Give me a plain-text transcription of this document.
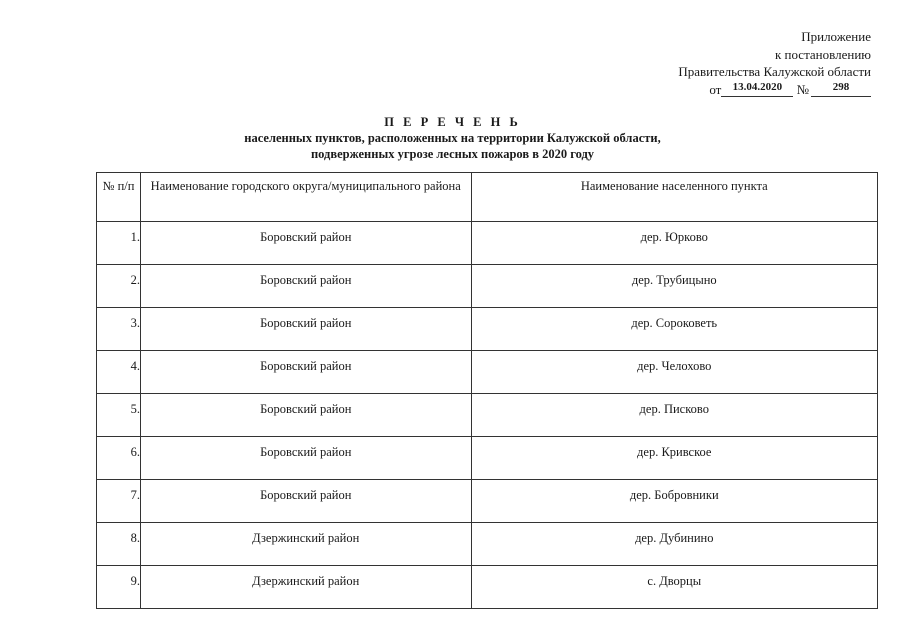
Приложение
к постановлению
Правительства Калужской области
от 13.04.2020 № 298
П Е Р Е Ч Е Н Ь
населенных пунктов, расположенных на территории Калужской области,
подверженных угрозе лесных пожаров в 2020 году
№ п/п	Наименование городского округа/муниципального района	Наименование населенного пункта
1.	Боровский район	дер. Юрково
2.	Боровский район	дер. Трубицыно
3.	Боровский район	дер. Сороковеть
4.	Боровский район	дер. Челохово
5.	Боровский район	дер. Писково
6.	Боровский район	дер. Кривское
7.	Боровский район	дер. Бобровники
8.	Дзержинский район	дер. Дубинино
9.	Дзержинский район	с. Дворцы
